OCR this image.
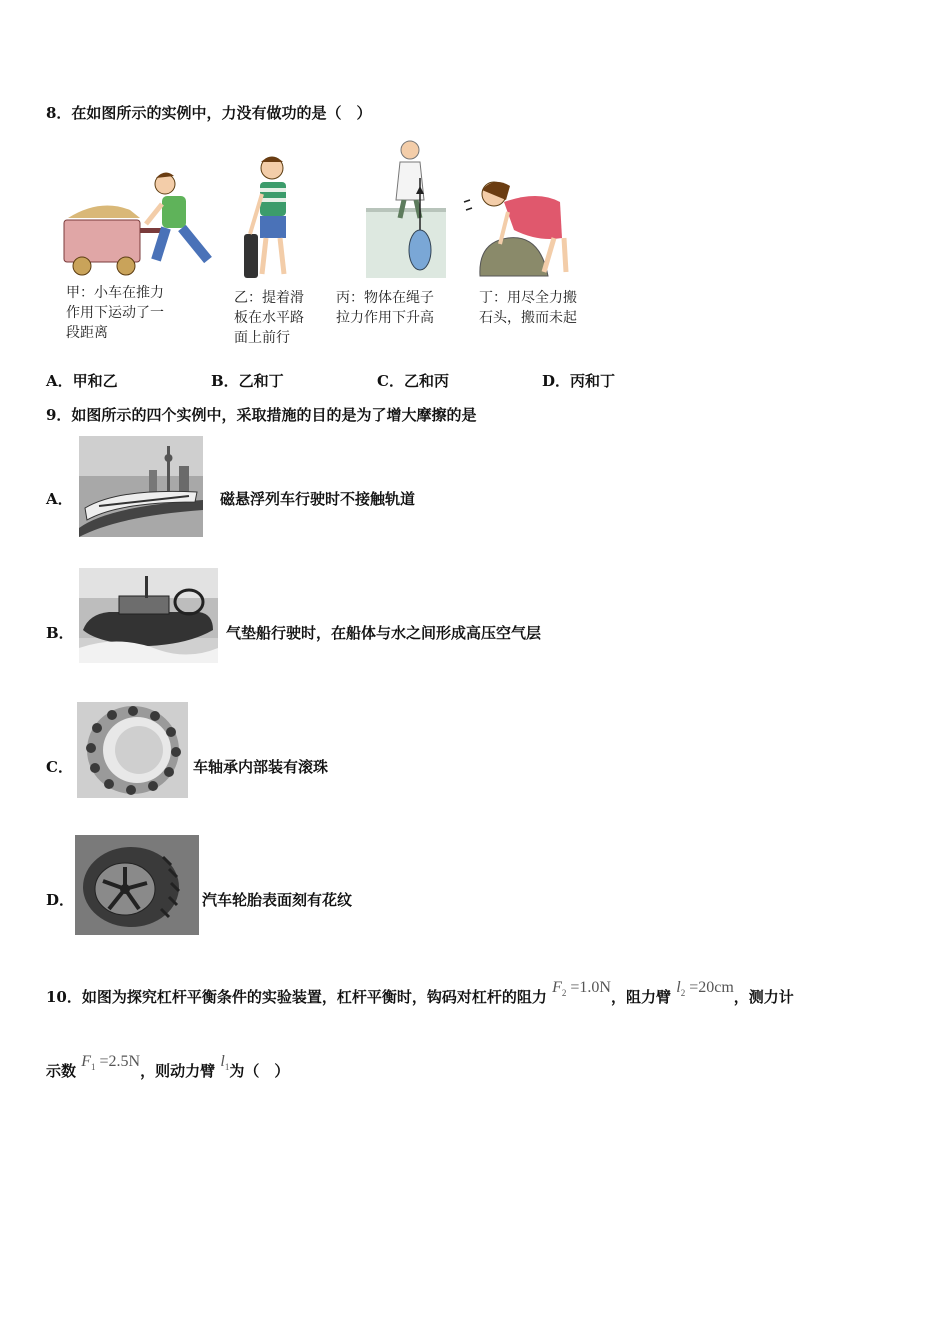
8．在如图所示的实例中，力没有做功的是（　）
甲：小车在推力
作用下运动了一
段距离
乙：提着滑
板在水平路
面上前行
丙：物体在绳子
拉力作用下升高
丁：用尽全力搬
石头，搬而未起
A．甲和乙	B．乙和丁	C．乙和丙	D．丙和丁
9．如图所示的四个实例中，采取措施的目的是为了增大摩擦的是
A．	磁悬浮列车行驶时不接触轨道
B．	气垫船行驶时，在船体与水之间形成高压空气层
C．	车轴承内部装有滚珠
D．	汽车轮胎表面刻有花纹
10．如图为探究杠杆平衡条件的实验装置，杠杆平衡时，钩码对杠杆的阻力 $F_2 =1.0N$，阻力臂 $l_2 =20cm$，测力计
示数 $F_1 =2.5N$，则动力臂 $l_1$为（　）
